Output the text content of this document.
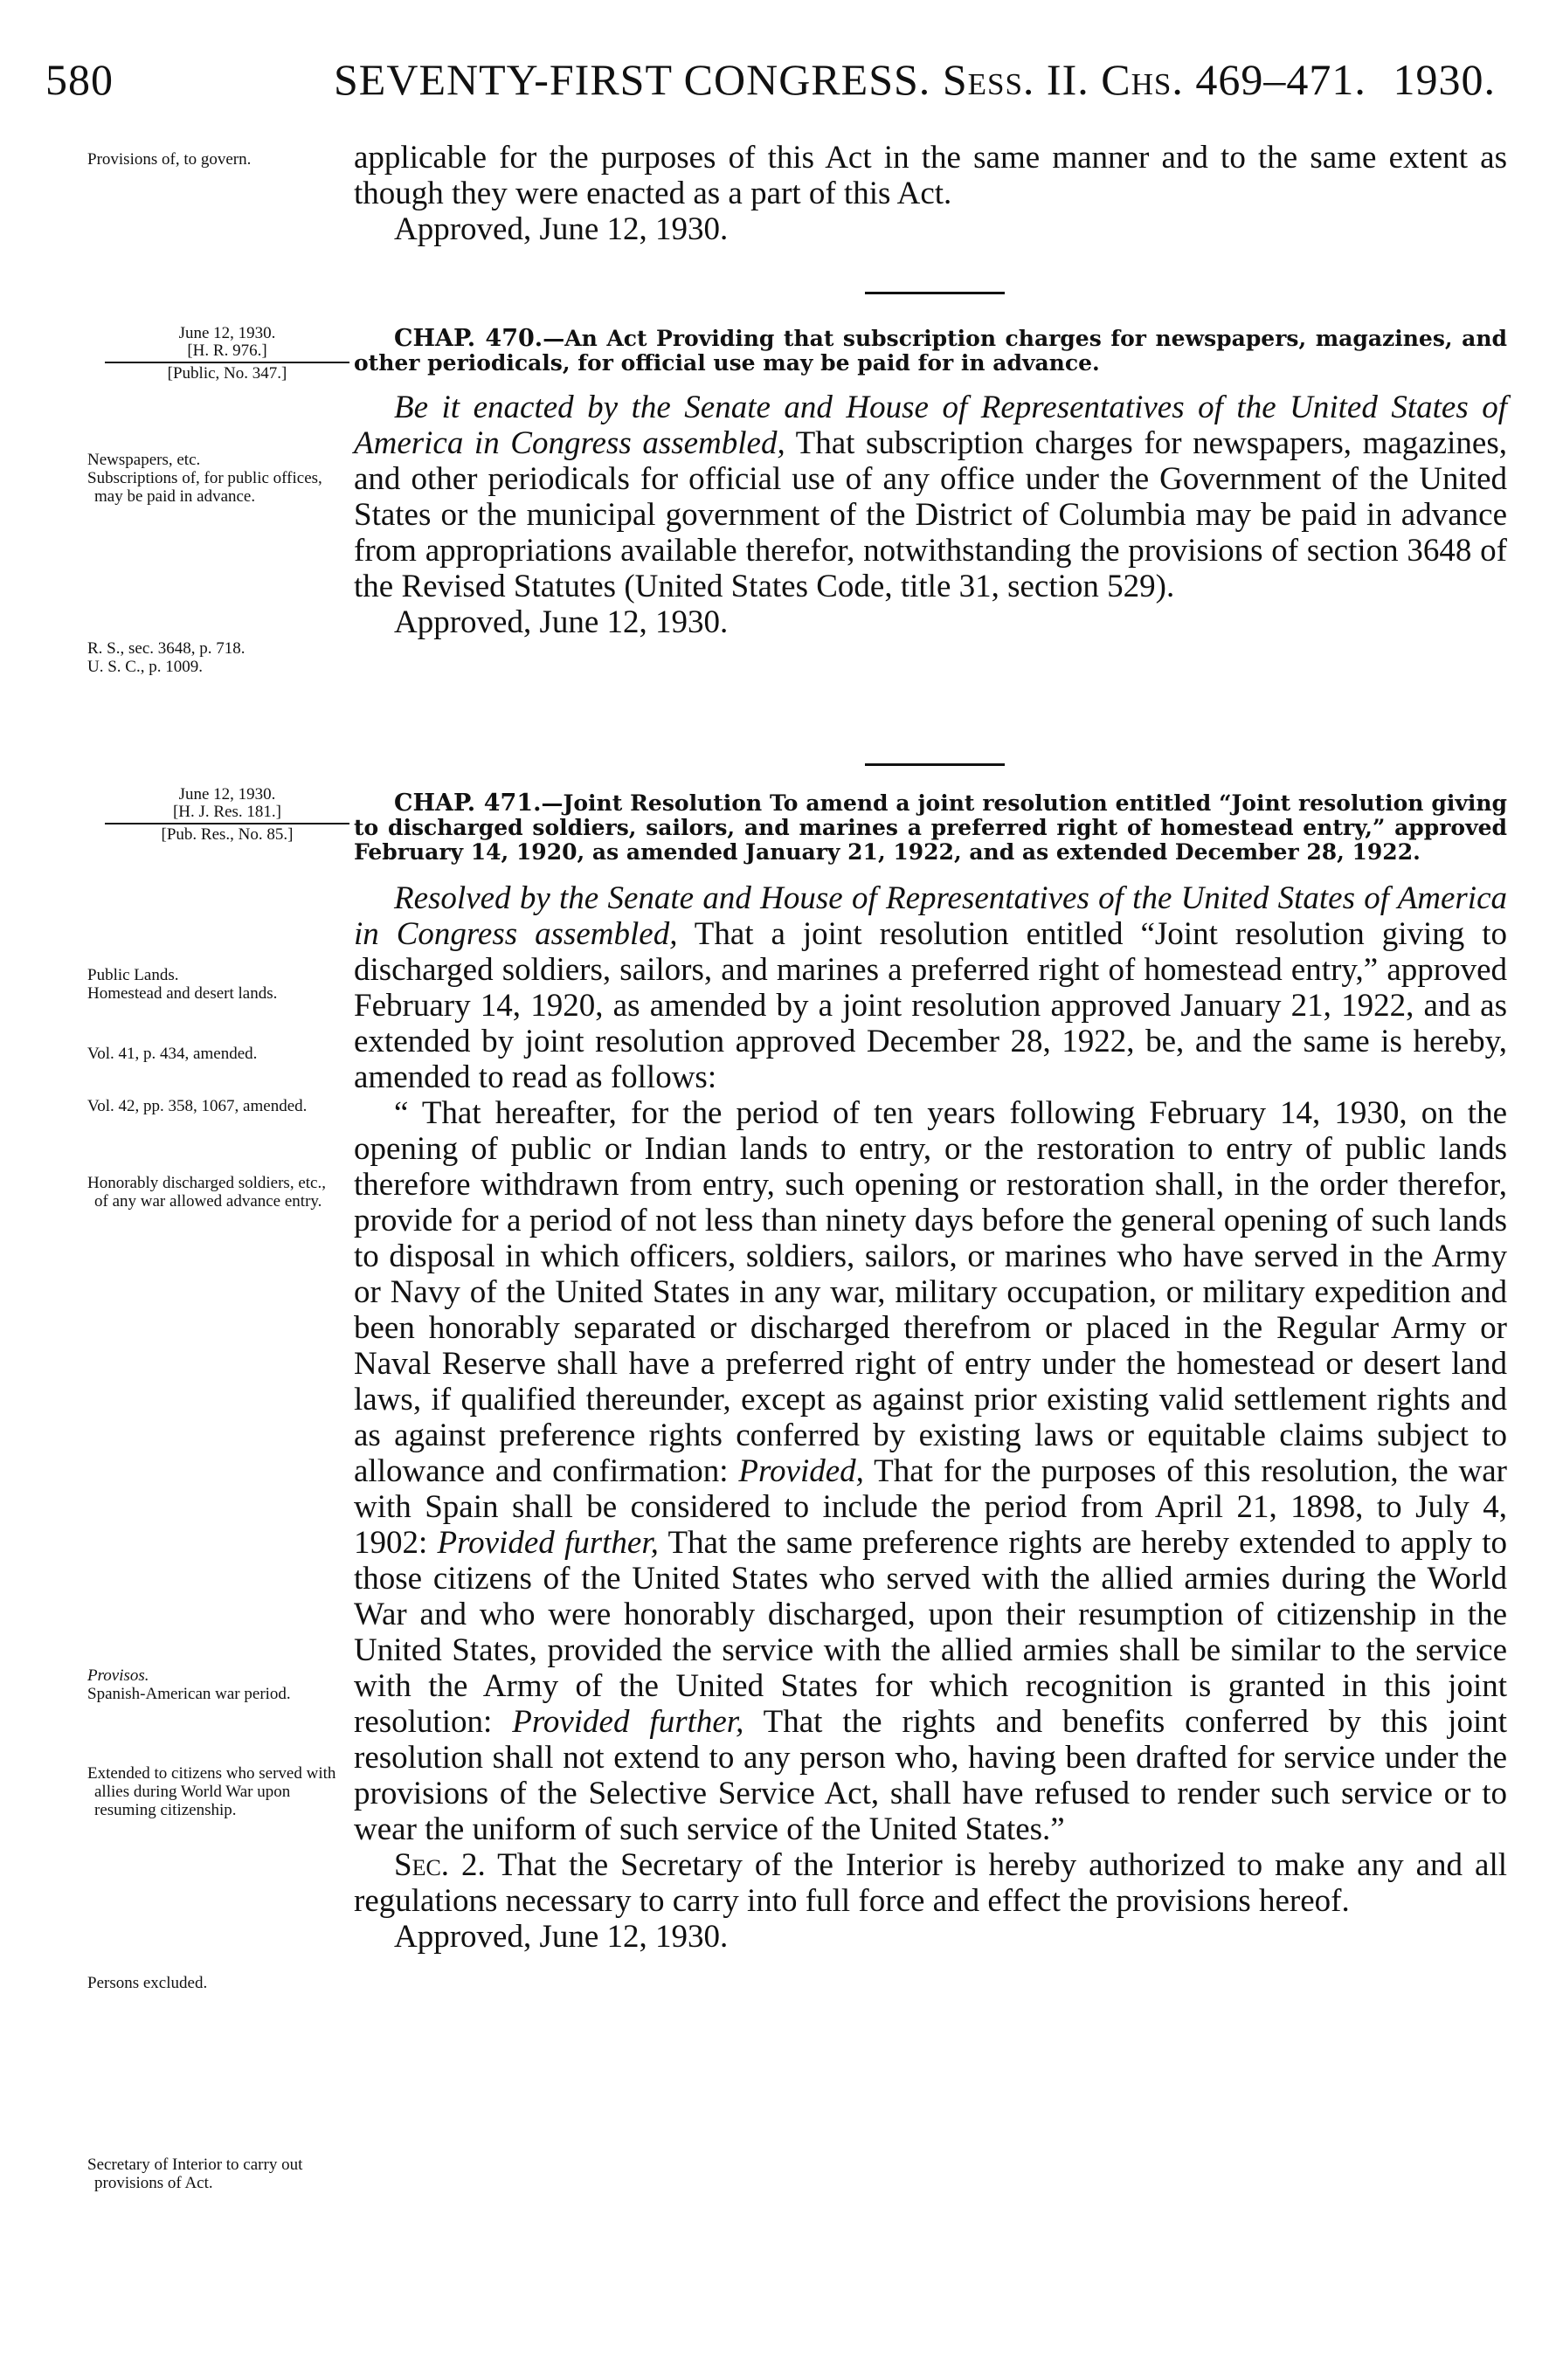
580	SEVENTY-FIRST CONGRESS. Sess. II. Chs. 469–471. 1930.

Provisions of, to govern.	applicable for the purposes of this Act in the same manner and to the same extent as though they were enacted as a part of this Act.

Approved, June 12, 1930.

June 12, 1930.
[H. R. 976.]
[Public, No. 347.]

CHAP. 470.—An Act Providing that subscription charges for newspapers, magazines, and other periodicals, for official use may be paid for in advance.

Be it enacted by the Senate and House of Representatives of the United States of America in Congress assembled, That subscription charges for newspapers, magazines, and other periodicals for official use of any office under the Government of the United States or the municipal government of the District of Columbia may be paid in advance from appropriations available therefor, notwithstanding the provisions of section 3648 of the Revised Statutes (United States Code, title 31, section 529).

Approved, June 12, 1930.

Newspapers, etc.

Subscriptions of, for public offices, may be paid in advance.

R. S., sec. 3648, p. 718.

U. S. C., p. 1009.

June 12, 1930.
[H. J. Res. 181.]
[Pub. Res., No. 85.]

CHAP. 471.—Joint Resolution To amend a joint resolution entitled “Joint resolution giving to discharged soldiers, sailors, and marines a preferred right of homestead entry,” approved February 14, 1920, as amended January 21, 1922, and as extended December 28, 1922.

Resolved by the Senate and House of Representatives of the United States of America in Congress assembled, That a joint resolution entitled “Joint resolution giving to discharged soldiers, sailors, and marines a preferred right of homestead entry,” approved February 14, 1920, as amended by a joint resolution approved January 21, 1922, and as extended by joint resolution approved December 28, 1922, be, and the same is hereby, amended to read as follows:

“ That hereafter, for the period of ten years following February 14, 1930, on the opening of public or Indian lands to entry, or the restoration to entry of public lands therefore withdrawn from entry, such opening or restoration shall, in the order therefor, provide for a period of not less than ninety days before the general opening of such lands to disposal in which officers, soldiers, sailors, or marines who have served in the Army or Navy of the United States in any war, military occupation, or military expedition and been honorably separated or discharged therefrom or placed in the Regular Army or Naval Reserve shall have a preferred right of entry under the homestead or desert land laws, if qualified thereunder, except as against prior existing valid settlement rights and as against preference rights conferred by existing laws or equitable claims subject to allowance and confirmation: Provided, That for the purposes of this resolution, the war with Spain shall be considered to include the period from April 21, 1898, to July 4, 1902: Provided further, That the same preference rights are hereby extended to apply to those citizens of the United States who served with the allied armies during the World War and who were honorably discharged, upon their resumption of citizenship in the United States, provided the service with the allied armies shall be similar to the service with the Army of the United States for which recognition is granted in this joint resolution: Provided further, That the rights and benefits conferred by this joint resolution shall not extend to any person who, having been drafted for service under the provisions of the Selective Service Act, shall have refused to render such service or to wear the uniform of such service of the United States.”

Sec. 2. That the Secretary of the Interior is hereby authorized to make any and all regulations necessary to carry into full force and effect the provisions hereof.

Approved, June 12, 1930.

Public Lands.

Homestead and desert lands.

Vol. 41, p. 434, amended.

Vol. 42, pp. 358, 1067, amended.

Honorably discharged soldiers, etc., of any war allowed advance entry.

Provisos.

Spanish-American war period.

Extended to citizens who served with allies during World War upon resuming citizenship.

Persons excluded.

Secretary of Interior to carry out provisions of Act.
